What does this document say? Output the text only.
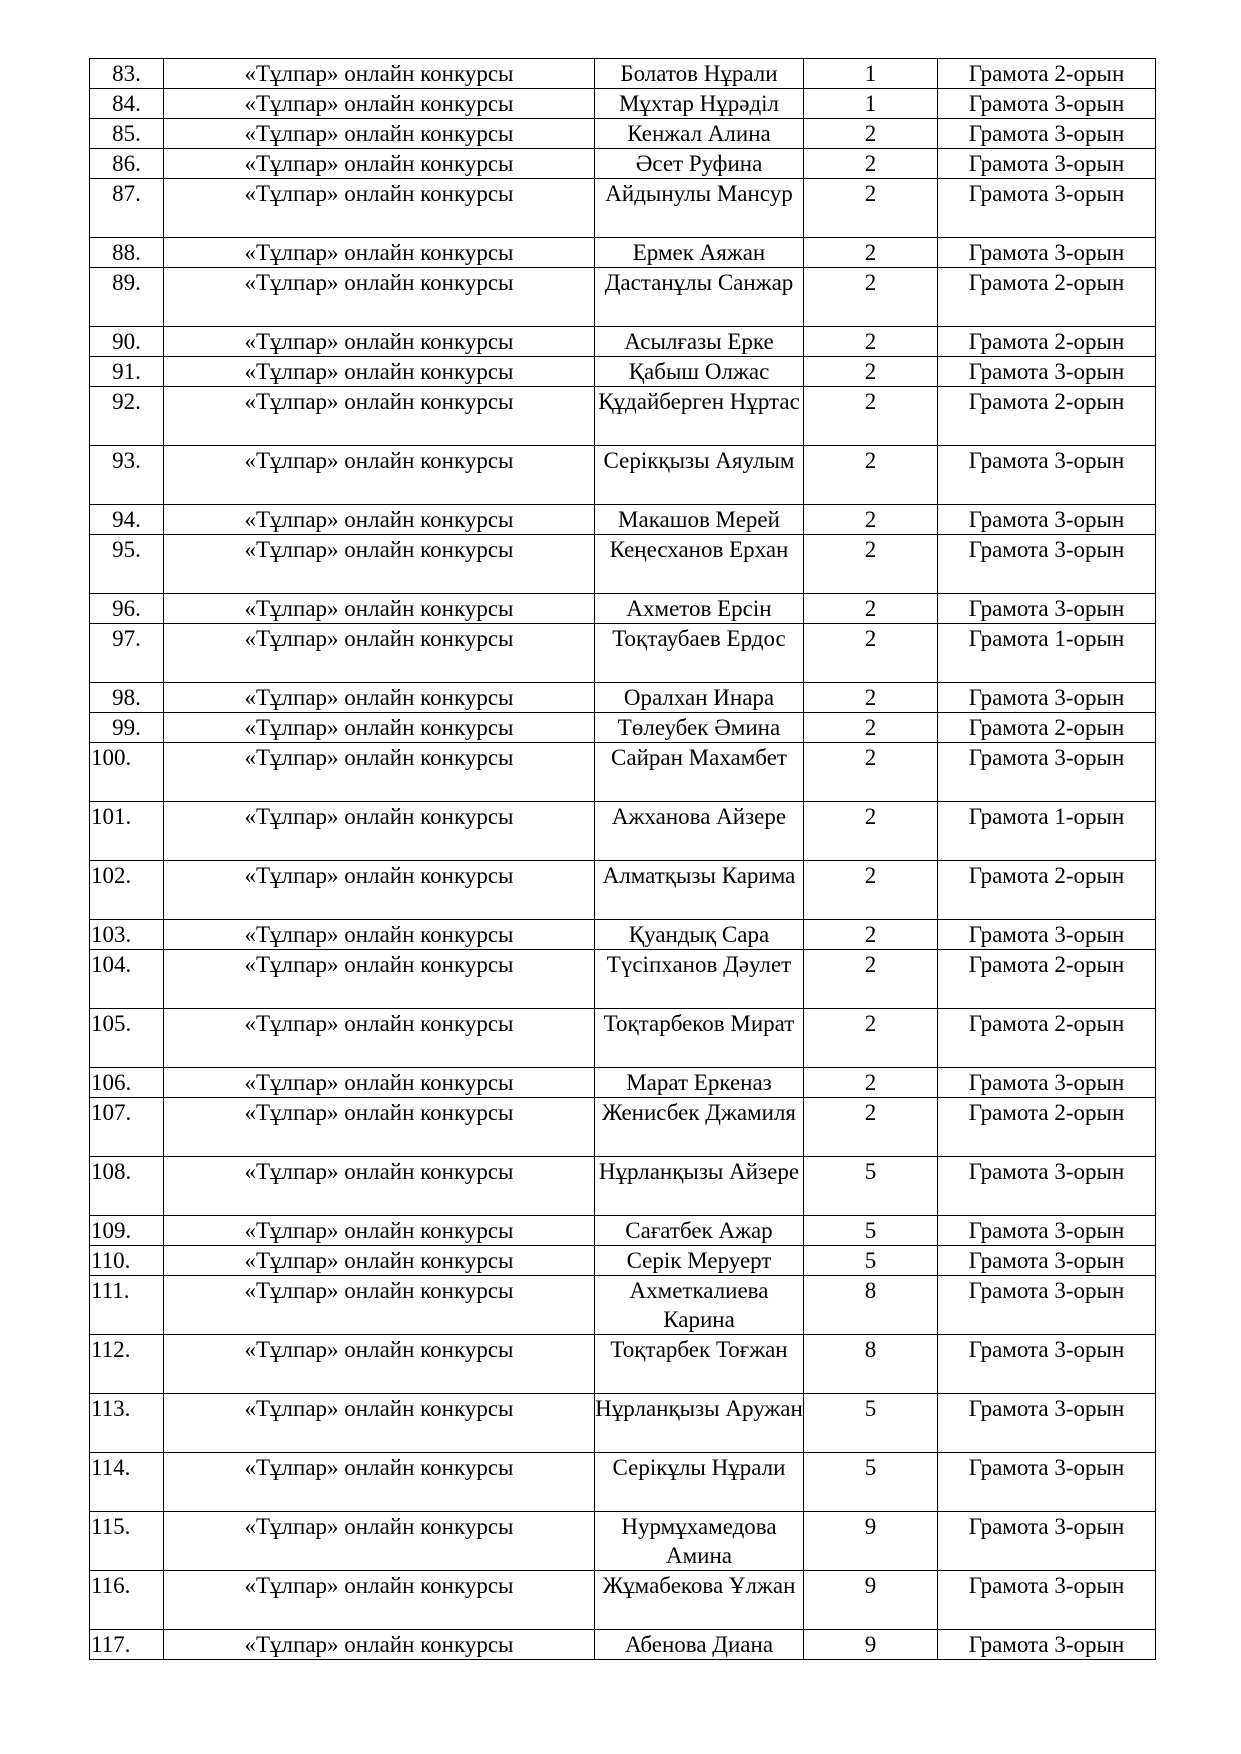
83.	«Тұлпар» онлайн конкурсы	Болатов Нұрали	1	Грамота 2-орын
84.	«Тұлпар» онлайн конкурсы	Мұхтар Нұрәділ	1	Грамота 3-орын
85.	«Тұлпар» онлайн конкурсы	Кенжал Алина	2	Грамота 3-орын
86.	«Тұлпар» онлайн конкурсы	Әсет Руфина	2	Грамота 3-орын
87.	«Тұлпар» онлайн конкурсы	Айдынулы Мансур	2	Грамота 3-орын
88.	«Тұлпар» онлайн конкурсы	Ермек Аяжан	2	Грамота 3-орын
89.	«Тұлпар» онлайн конкурсы	Дастанұлы Санжар	2	Грамота 2-орын
90.	«Тұлпар» онлайн конкурсы	Асылғазы Ерке	2	Грамота 2-орын
91.	«Тұлпар» онлайн конкурсы	Қабыш Олжас	2	Грамота 3-орын
92.	«Тұлпар» онлайн конкурсы	Құдайберген Нұртас	2	Грамота 2-орын
93.	«Тұлпар» онлайн конкурсы	Серікқызы Аяулым	2	Грамота 3-орын
94.	«Тұлпар» онлайн конкурсы	Макашов Мерей	2	Грамота 3-орын
95.	«Тұлпар» онлайн конкурсы	Кеңесханов Ерхан	2	Грамота 3-орын
96.	«Тұлпар» онлайн конкурсы	Ахметов Ерсін	2	Грамота 3-орын
97.	«Тұлпар» онлайн конкурсы	Тоқтаубаев Ердос	2	Грамота 1-орын
98.	«Тұлпар» онлайн конкурсы	Оралхан Инара	2	Грамота 3-орын
99.	«Тұлпар» онлайн конкурсы	Төлеубек Әмина	2	Грамота 2-орын
100.	«Тұлпар» онлайн конкурсы	Сайран Махамбет	2	Грамота 3-орын
101.	«Тұлпар» онлайн конкурсы	Ажханова Айзере	2	Грамота 1-орын
102.	«Тұлпар» онлайн конкурсы	Алматқызы Карима	2	Грамота 2-орын
103.	«Тұлпар» онлайн конкурсы	Қуандық Сара	2	Грамота 3-орын
104.	«Тұлпар» онлайн конкурсы	Түсіпханов Дәулет	2	Грамота 2-орын
105.	«Тұлпар» онлайн конкурсы	Тоқтарбеков Мират	2	Грамота 2-орын
106.	«Тұлпар» онлайн конкурсы	Марат Еркеназ	2	Грамота 3-орын
107.	«Тұлпар» онлайн конкурсы	Женисбек Джамиля	2	Грамота 2-орын
108.	«Тұлпар» онлайн конкурсы	Нұрланқызы Айзере	5	Грамота 3-орын
109.	«Тұлпар» онлайн конкурсы	Сағатбек Ажар	5	Грамота 3-орын
110.	«Тұлпар» онлайн конкурсы	Серік Меруерт	5	Грамота 3-орын
111.	«Тұлпар» онлайн конкурсы	Ахметкалиева Карина	8	Грамота 3-орын
112.	«Тұлпар» онлайн конкурсы	Тоқтарбек Тоғжан	8	Грамота 3-орын
113.	«Тұлпар» онлайн конкурсы	Нұрланқызы Аружан	5	Грамота 3-орын
114.	«Тұлпар» онлайн конкурсы	Серікұлы Нұрали	5	Грамота 3-орын
115.	«Тұлпар» онлайн конкурсы	Нурмұхамедова Амина	9	Грамота 3-орын
116.	«Тұлпар» онлайн конкурсы	Жұмабекова Ұлжан	9	Грамота 3-орын
117.	«Тұлпар» онлайн конкурсы	Абенова Диана	9	Грамота 3-орын
